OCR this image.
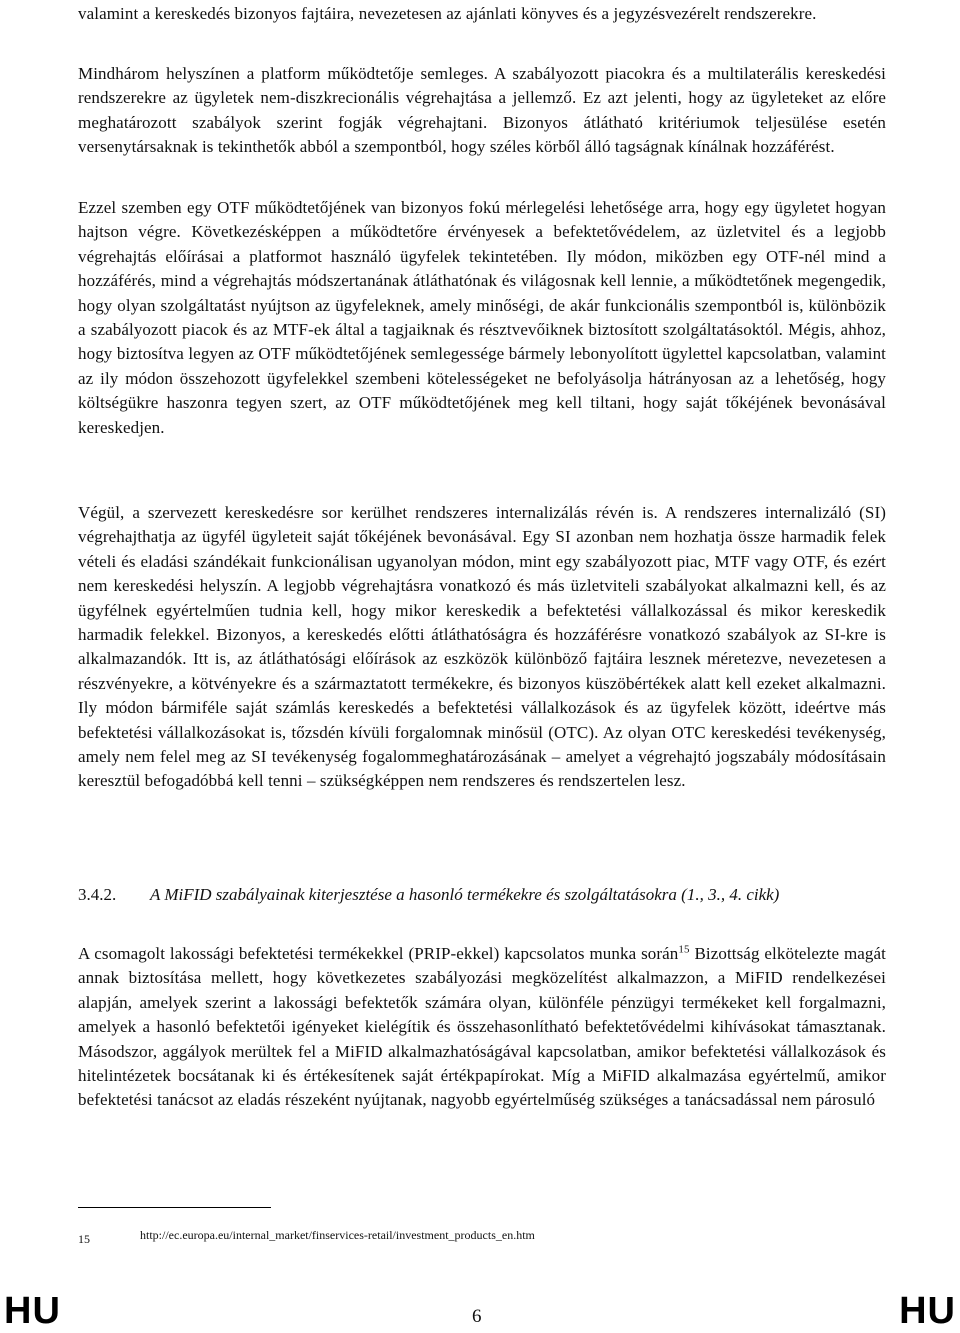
valamint a kereskedés bizonyos fajtáira, nevezetesen az ajánlati könyves és a jegyzésvezérelt rendszerekre.

Mindhárom helyszínen a platform működtetője semleges. A szabályozott piacokra és a multilaterális kereskedési rendszerekre az ügyletek nem-diszkrecionális végrehajtása a jellemző. Ez azt jelenti, hogy az ügyleteket az előre meghatározott szabályok szerint fogják végrehajtani. Bizonyos átlátható kritériumok teljesülése esetén versenytársaknak is tekinthetők abból a szempontból, hogy széles körből álló tagságnak kínálnak hozzáférést.

Ezzel szemben egy OTF működtetőjének van bizonyos fokú mérlegelési lehetősége arra, hogy egy ügyletet hogyan hajtson végre. Következésképpen a működtetőre érvényesek a befektetővédelem, az üzletvitel és a legjobb végrehajtás előírásai a platformot használó ügyfelek tekintetében. Ily módon, miközben egy OTF-nél mind a hozzáférés, mind a végrehajtás módszertanának átláthatónak és világosnak kell lennie, a működtetőnek megengedik, hogy olyan szolgáltatást nyújtson az ügyfeleknek, amely minőségi, de akár funkcionális szempontból is, különbözik a szabályozott piacok és az MTF-ek által a tagjaiknak és résztvevőiknek biztosított szolgáltatásoktól. Mégis, ahhoz, hogy biztosítva legyen az OTF működtetőjének semlegessége bármely lebonyolított ügylettel kapcsolatban, valamint az ily módon összehozott ügyfelekkel szembeni kötelességeket ne befolyásolja hátrányosan az a lehetőség, hogy költségükre haszonra tegyen szert, az OTF működtetőjének meg kell tiltani, hogy saját tőkéjének bevonásával kereskedjen.

Végül, a szervezett kereskedésre sor kerülhet rendszeres internalizálás révén is. A rendszeres internalizáló (SI) végrehajthatja az ügyfél ügyleteit saját tőkéjének bevonásával. Egy SI azonban nem hozhatja össze harmadik felek vételi és eladási szándékait funkcionálisan ugyanolyan módon, mint egy szabályozott piac, MTF vagy OTF, és ezért nem kereskedési helyszín. A legjobb végrehajtásra vonatkozó és más üzletviteli szabályokat alkalmazni kell, és az ügyfélnek egyértelműen tudnia kell, hogy mikor kereskedik a befektetési vállalkozással és mikor kereskedik harmadik felekkel. Bizonyos, a kereskedés előtti átláthatóságra és hozzáférésre vonatkozó szabályok az SI-kre is alkalmazandók. Itt is, az átláthatósági előírások az eszközök különböző fajtáira lesznek méretezve, nevezetesen a részvényekre, a kötvényekre és a származtatott termékekre, és bizonyos küszöbértékek alatt kell ezeket alkalmazni. Ily módon bármiféle saját számlás kereskedés a befektetési vállalkozások és az ügyfelek között, ideértve más befektetési vállalkozásokat is, tőzsdén kívüli forgalomnak minősül (OTC). Az olyan OTC kereskedési tevékenység, amely nem felel meg az SI tevékenység fogalommeghatározásának – amelyet a végrehajtó jogszabály módosításain keresztül befogadóbbá kell tenni – szükségképpen nem rendszeres és rendszertelen lesz.

3.4.2. A MiFID szabályainak kiterjesztése a hasonló termékekre és szolgáltatásokra (1., 3., 4. cikk)

A csomagolt lakossági befektetési termékekkel (PRIP-ekkel) kapcsolatos munka során$^{15}$ Bizottság elkötelezte magát annak biztosítása mellett, hogy következetes szabályozási megközelítést alkalmazzon, a MiFID rendelkezései alapján, amelyek szerint a lakossági befektetők számára olyan, különféle pénzügyi termékeket kell forgalmazni, amelyek a hasonló befektetői igényeket kielégítik és összehasonlítható befektetővédelmi kihívásokat támasztanak. Másodszor, aggályok merültek fel a MiFID alkalmazhatóságával kapcsolatban, amikor befektetési vállalkozások és hitelintézetek bocsátanak ki és értékesítenek saját értékpapírokat. Míg a MiFID alkalmazása egyértelmű, amikor befektetési tanácsot az eladás részeként nyújtanak, nagyobb egyértelműség szükséges a tanácsadással nem párosuló

15	http://ec.europa.eu/internal_market/finservices-retail/investment_products_en.htm
HU	6	HU
